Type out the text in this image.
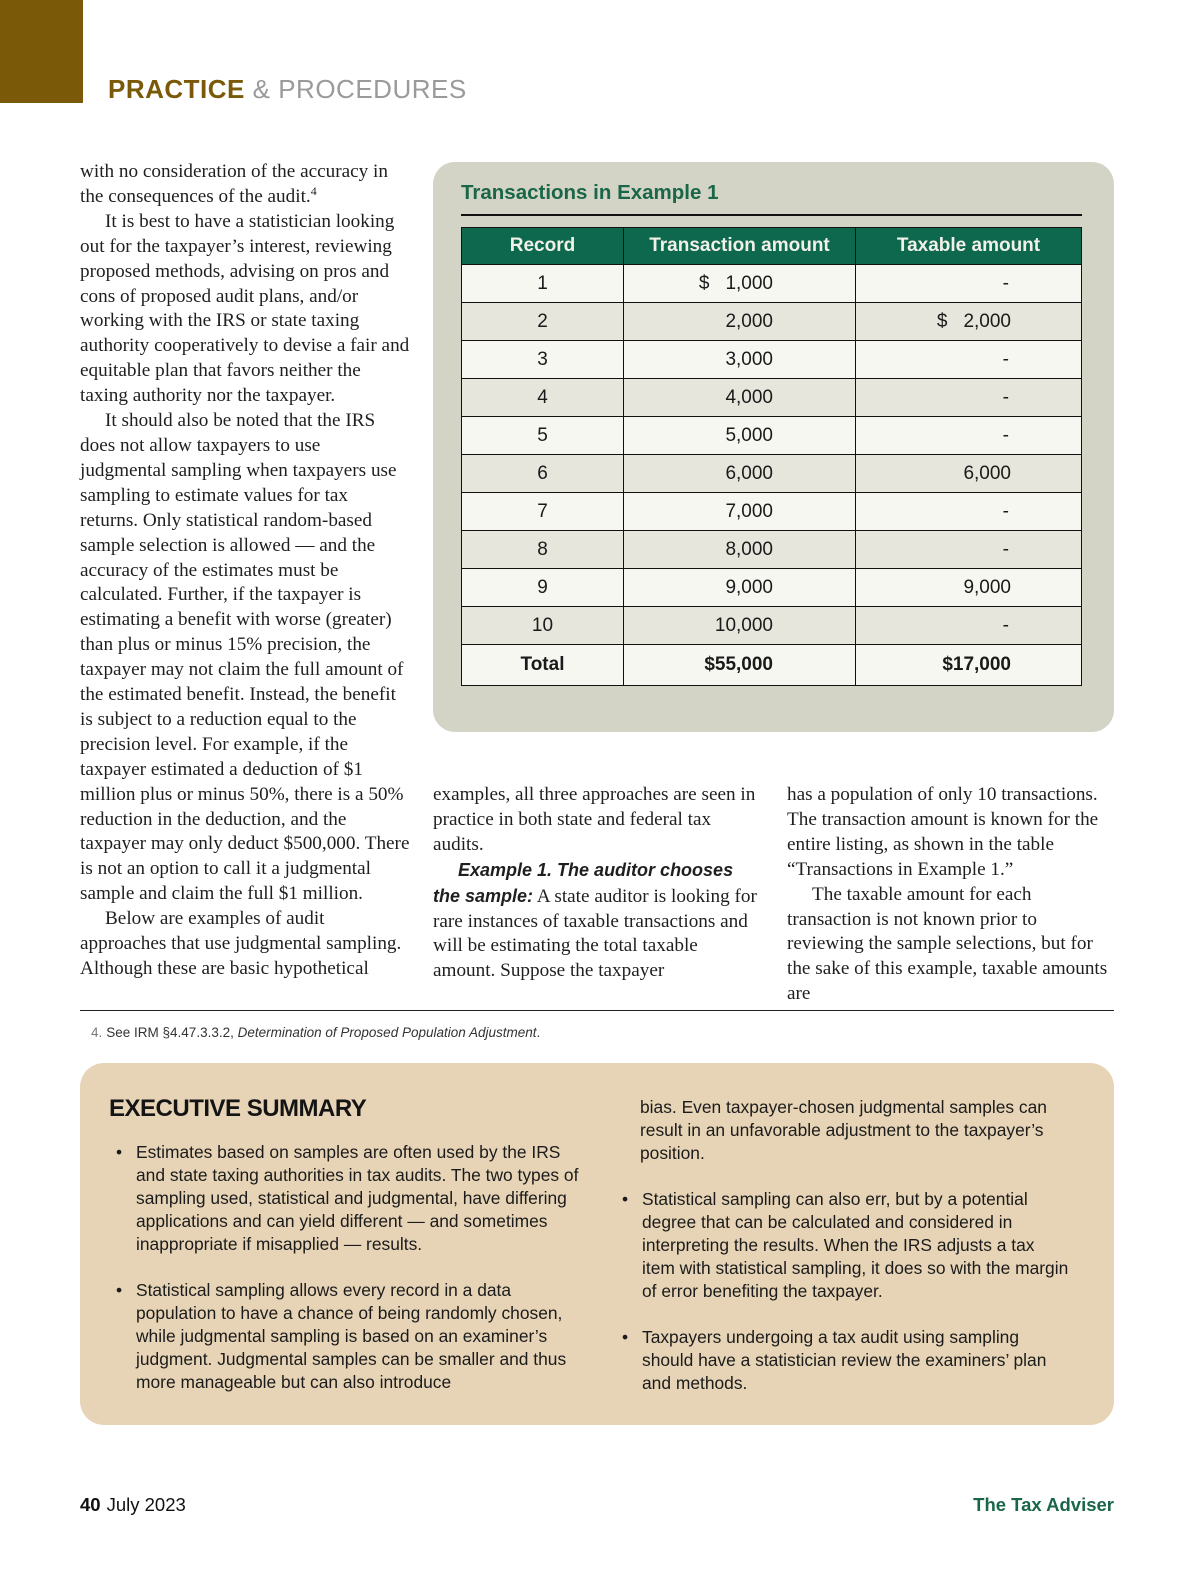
PRACTICE & PROCEDURES

with no consideration of the accuracy in the consequences of the audit.$^4$

It is best to have a statistician looking out for the taxpayer’s interest, reviewing proposed methods, advising on pros and cons of proposed audit plans, and/or working with the IRS or state taxing authority cooperatively to devise a fair and equitable plan that favors neither the taxing authority nor the taxpayer.

It should also be noted that the IRS does not allow taxpayers to use judgmental sampling when taxpayers use sampling to estimate values for tax returns. Only statistical random-based sample selection is allowed — and the accuracy of the estimates must be calculated. Further, if the taxpayer is estimating a benefit with worse (greater) than plus or minus 15% precision, the taxpayer may not claim the full amount of the estimated benefit. Instead, the benefit is subject to a reduction equal to the precision level. For example, if the taxpayer estimated a deduction of $1 million plus or minus 50%, there is a 50% reduction in the deduction, and the taxpayer may only deduct $500,000. There is not an option to call it a judgmental sample and claim the full $1 million.

Below are examples of audit approaches that use judgmental sampling. Although these are basic hypothetical

Transactions in Example 1
Record	Transaction amount	Taxable amount
1	$ 1,000	-
2	2,000	$ 2,000
3	3,000	-
4	4,000	-
5	5,000	-
6	6,000	6,000
7	7,000	-
8	8,000	-
9	9,000	9,000
10	10,000	-
Total	$55,000	$17,000

examples, all three approaches are seen in practice in both state and federal tax audits.

Example 1. The auditor chooses the sample: A state auditor is looking for rare instances of taxable transactions and will be estimating the total taxable amount. Suppose the taxpayer

has a population of only 10 transactions. The transaction amount is known for the entire listing, as shown in the table “Transactions in Example 1.”

The taxable amount for each transaction is not known prior to reviewing the sample selections, but for the sake of this example, taxable amounts are

4. See IRM §4.47.3.3.2, Determination of Proposed Population Adjustment.
EXECUTIVE SUMMARY
• Estimates based on samples are often used by the IRS and state taxing authorities in tax audits. The two types of sampling used, statistical and judgmental, have differing applications and can yield different — and sometimes inappropriate if misapplied — results.
• Statistical sampling allows every record in a data population to have a chance of being randomly chosen, while judgmental sampling is based on an examiner’s judgment. Judgmental samples can be smaller and thus more manageable but can also introduce
bias. Even taxpayer-chosen judgmental samples can result in an unfavorable adjustment to the taxpayer’s position.
• Statistical sampling can also err, but by a potential degree that can be calculated and considered in interpreting the results. When the IRS adjusts a tax item with statistical sampling, it does so with the margin of error benefiting the taxpayer.
• Taxpayers undergoing a tax audit using sampling should have a statistician review the examiners’ plan and methods.
40 July 2023	The Tax Adviser
